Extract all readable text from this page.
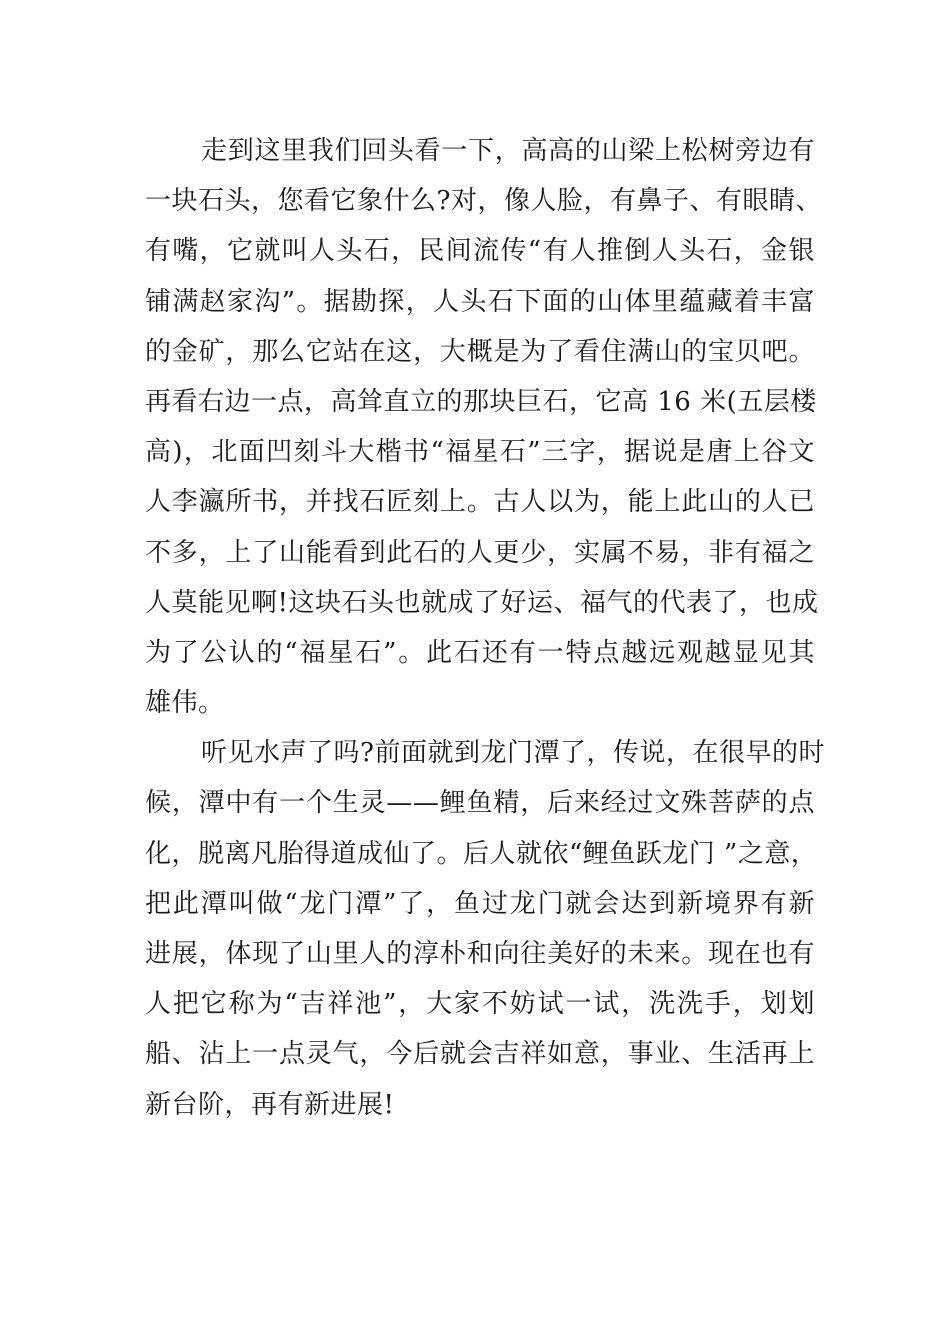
走到这里我们回头看一下，高高的山梁上松树旁边有
一块石头，您看它象什么?对，像人脸，有鼻子、有眼睛、
有嘴，它就叫人头石，民间流传“有人推倒人头石，金银
铺满赵家沟”。据勘探，人头石下面的山体里蕴藏着丰富
的金矿，那么它站在这，大概是为了看住满山的宝贝吧。
再看右边一点，高耸直立的那块巨石，它高 16 米(五层楼
高)，北面凹刻斗大楷书“福星石”三字，据说是唐上谷文
人李瀛所书，并找石匠刻上。古人以为，能上此山的人已
不多，上了山能看到此石的人更少，实属不易，非有福之
人莫能见啊!这块石头也就成了好运、福气的代表了，也成
为了公认的“福星石”。此石还有一特点越远观越显见其
雄伟。
听见水声了吗?前面就到龙门潭了，传说，在很早的时
候，潭中有一个生灵——鲤鱼精，后来经过文殊菩萨的点
化，脱离凡胎得道成仙了。后人就依“鲤鱼跃龙门 ”之意，
把此潭叫做“龙门潭”了，鱼过龙门就会达到新境界有新
进展，体现了山里人的淳朴和向往美好的未来。现在也有
人把它称为“吉祥池”，大家不妨试一试，洗洗手，划划
船、沾上一点灵气，今后就会吉祥如意，事业、生活再上
新台阶，再有新进展!
